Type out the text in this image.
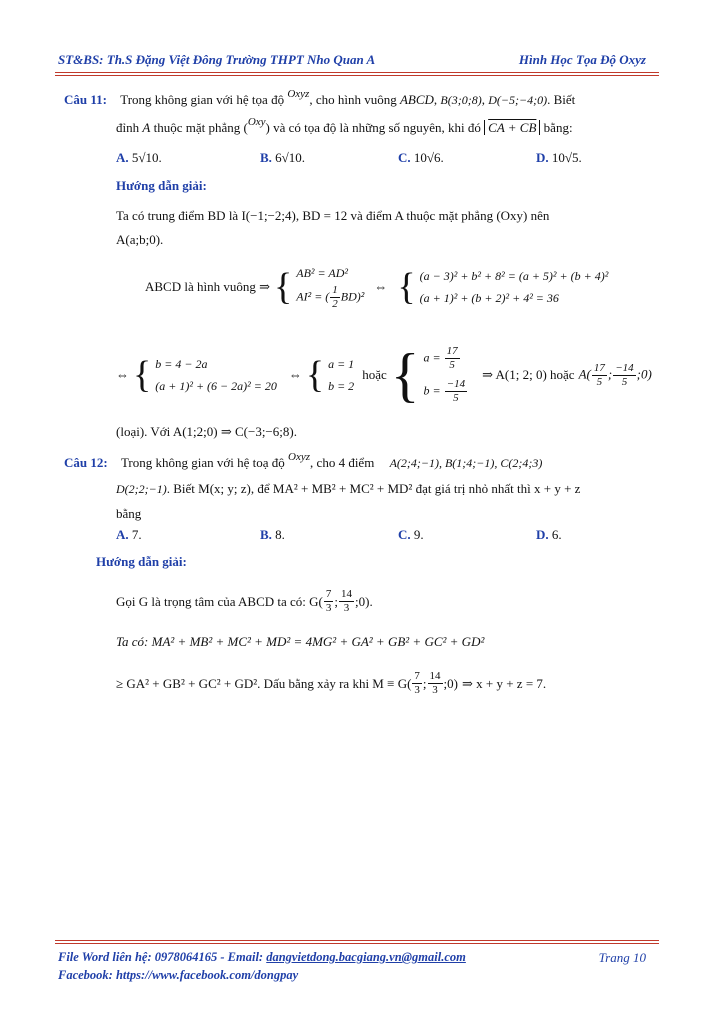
ST&BS: Th.S Đặng Việt Đông Trường THPT Nho Quan A	Hình Học Tọa Độ Oxyz
Câu 11: Trong không gian với hệ tọa độ $^{Oxyz}$, cho hình vuông ABCD, B(3;0;8), D(−5;−4;0). Biết
đỉnh A thuộc mặt phẳng ($^{Oxy}$) và có tọa độ là những số nguyên, khi đó CA + CB bằng:
A. 5√10.	B. 6√10.	C. 10√6.	D. 10√5.
Hướng dẫn giải:
Ta có trung điểm BD là I(−1;−2;4), BD = 12 và điểm A thuộc mặt phẳng (Oxy) nên
A(a;b;0).
ABCD là hình vuông ⇒ { AB² = AD²
AI² = ( $\frac{1}{2} BD)^2$
⇔ { (a − 3)² + b² + 8² = (a + 5)² + (b + 4)²
(a + 1)² + (b + 2)² + 4² = 36
⇔ { b = 4 − 2a
(a + 1)² + (6 − 2a)² = 20
⇔ { a = 1
b = 2
hoặc { $a = \frac{17}{5}$
$b = \frac{-14}{5}$
⇒ A(1; 2; 0) hoặc $A( \frac{17}{5}$ ; $\frac{-14}{5}$ ;0)
(loại). Với A(1;2;0) ⇒ C(−3;−6;8).
Câu 12: Trong không gian với hệ toạ độ $^{Oxyz}$, cho 4 điểm A(2;4;−1), B(1;4;−1), C(2;4;3)
D(2;2;−1). Biết M(x; y; z), để MA² + MB² + MC² + MD² đạt giá trị nhỏ nhất thì x + y + z
bằng
A. 7.	B. 8.	C. 9.	D. 6.
Hướng dẫn giải:
Gọi G là trọng tâm của ABCD ta có: $G( \frac{7}{3}$ ; $\frac{14}{3}$ ;0).
Ta có: MA² + MB² + MC² + MD² = 4MG² + GA² + GB² + GC² + GD²
≥ GA² + GB² + GC² + GD². Dấu bằng xảy ra khi $M \equiv G( \frac{7}{3}$ ; $\frac{14}{3}$ ;0) ⇒ x + y + z = 7.
File Word liên hệ: 0978064165 - Email: dangvietdong.bacgiang.vn@gmail.com	Trang 10
Facebook: https://www.facebook.com/dongpay
